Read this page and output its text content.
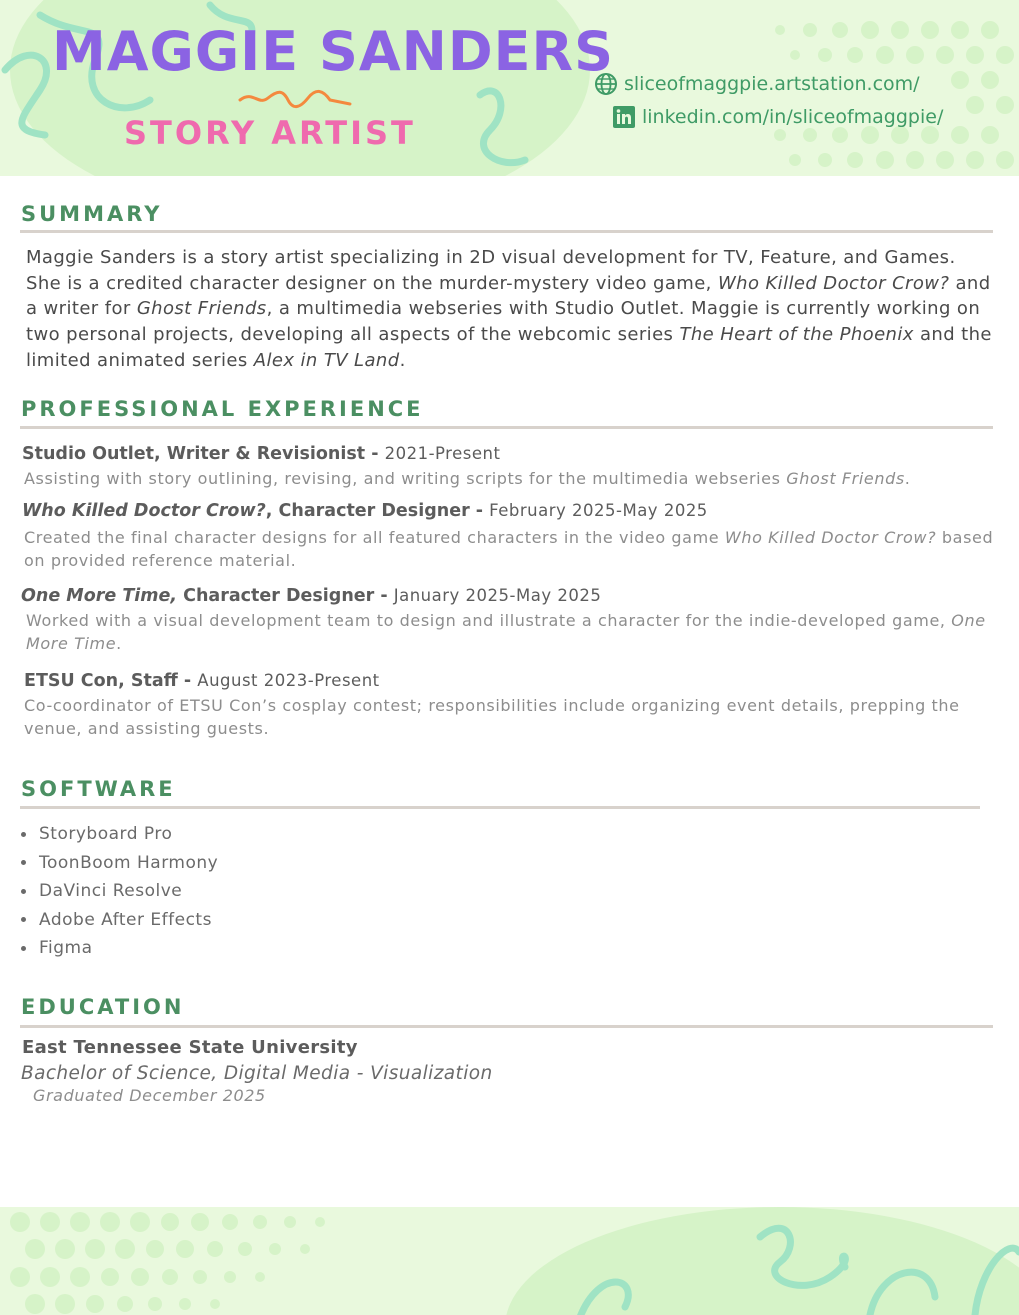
MAGGIE SANDERS
STORY ARTIST
sliceofmaggpie.artstation.com/
linkedin.com/in/sliceofmaggpie/
SUMMARY

Maggie Sanders is a story artist specializing in 2D visual development for TV, Feature, and Games. She is a credited character designer on the murder-mystery video game, Who Killed Doctor Crow? and a writer for Ghost Friends, a multimedia webseries with Studio Outlet. Maggie is currently working on two personal projects, developing all aspects of the webcomic series The Heart of the Phoenix and the limited animated series Alex in TV Land.

PROFESSIONAL EXPERIENCE
Studio Outlet, Writer & Revisionist - 2021-Present
Assisting with story outlining, revising, and writing scripts for the multimedia webseries Ghost Friends.
Who Killed Doctor Crow?, Character Designer - February 2025-May 2025
Created the final character designs for all featured characters in the video game Who Killed Doctor Crow? based on provided reference material.
One More Time, Character Designer - January 2025-May 2025
Worked with a visual development team to design and illustrate a character for the indie-developed game, One More Time.
ETSU Con, Staff - August 2023-Present
Co-coordinator of ETSU Con’s cosplay contest; responsibilities include organizing event details, prepping the venue, and assisting guests.
SOFTWARE
Storyboard Pro
ToonBoom Harmony
DaVinci Resolve
Adobe After Effects
Figma
EDUCATION
East Tennessee State University
Bachelor of Science, Digital Media - Visualization
Graduated December 2025
